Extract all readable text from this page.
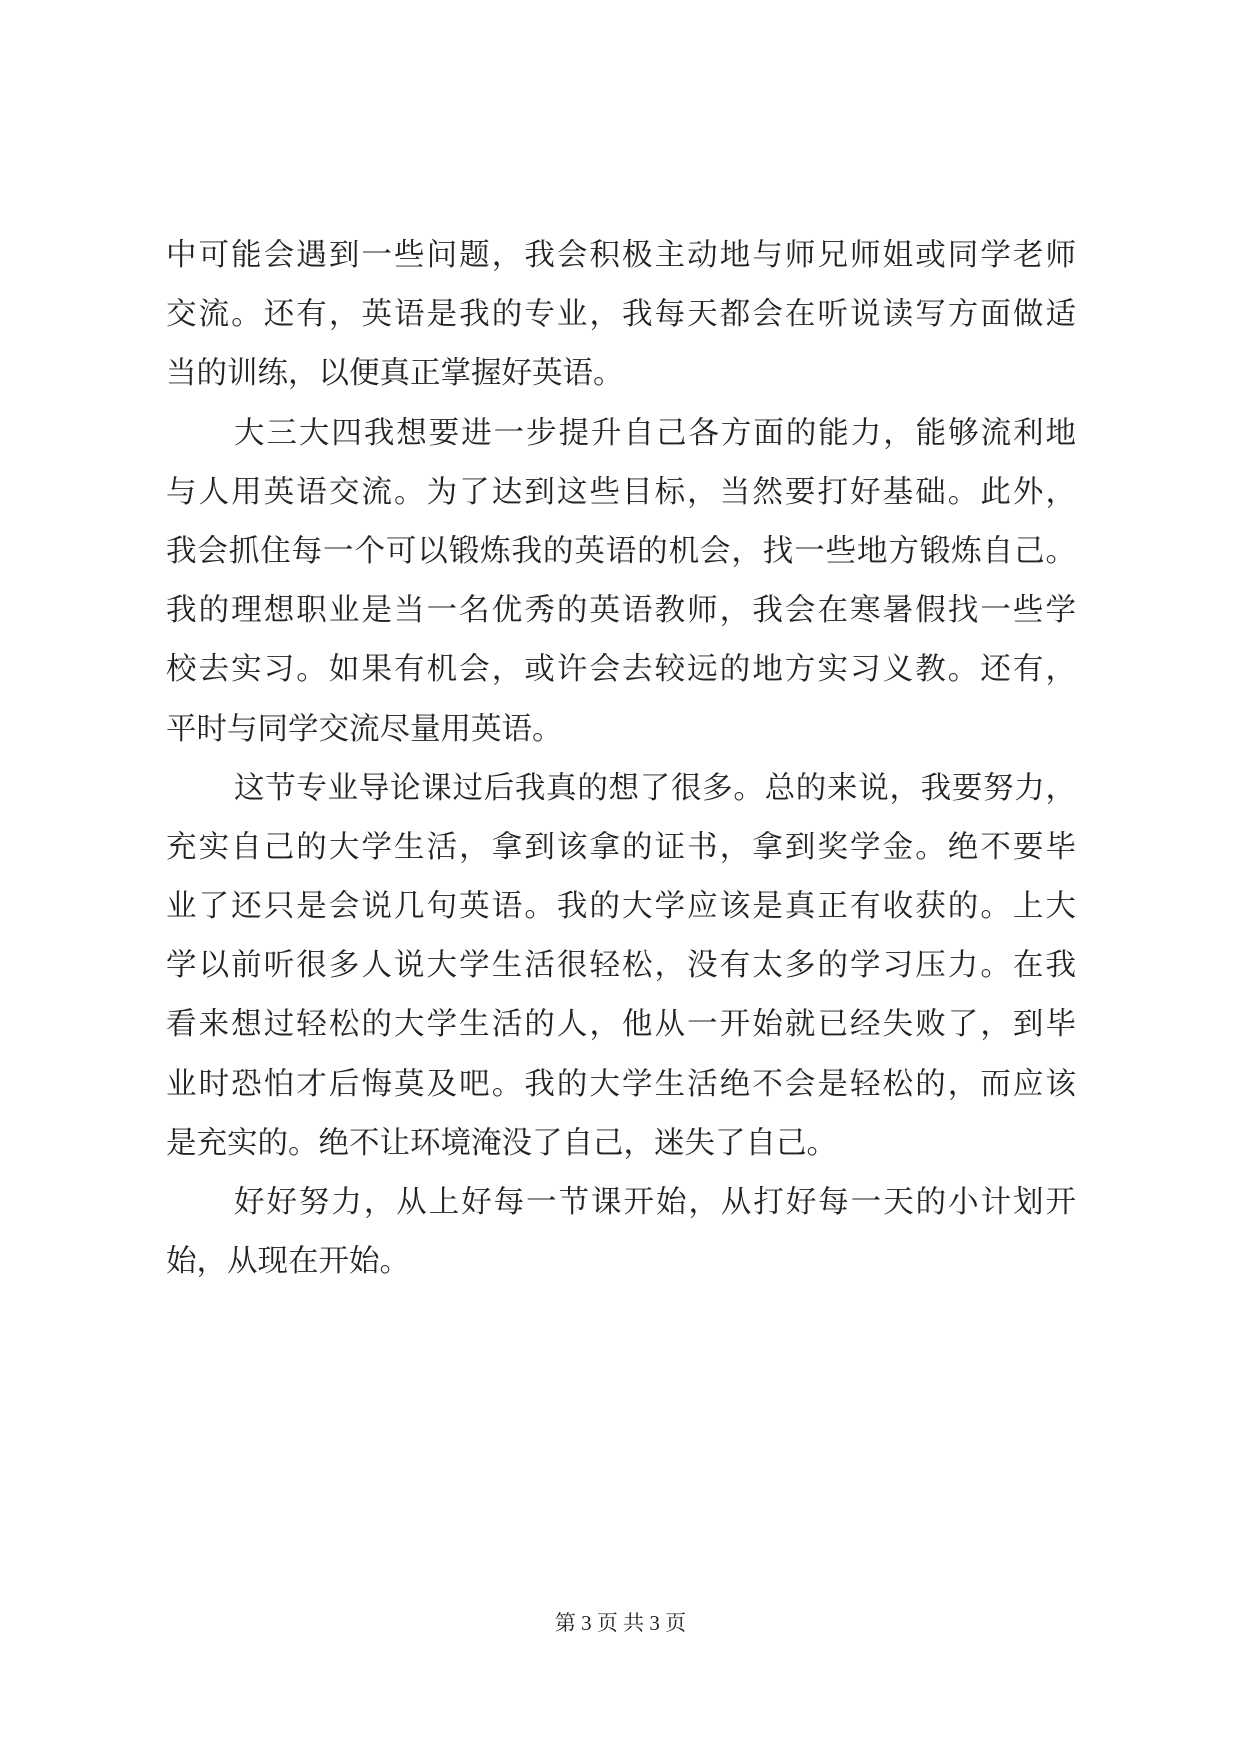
中可能会遇到一些问题，我会积极主动地与师兄师姐或同学老师
交流。还有，英语是我的专业，我每天都会在听说读写方面做适
当的训练，以便真正掌握好英语。
大三大四我想要进一步提升自己各方面的能力，能够流利地
与人用英语交流。为了达到这些目标，当然要打好基础。此外，
我会抓住每一个可以锻炼我的英语的机会，找一些地方锻炼自己。
我的理想职业是当一名优秀的英语教师，我会在寒暑假找一些学
校去实习。如果有机会，或许会去较远的地方实习义教。还有，
平时与同学交流尽量用英语。
这节专业导论课过后我真的想了很多。总的来说，我要努力，
充实自己的大学生活，拿到该拿的证书，拿到奖学金。绝不要毕
业了还只是会说几句英语。我的大学应该是真正有收获的。上大
学以前听很多人说大学生活很轻松，没有太多的学习压力。在我
看来想过轻松的大学生活的人，他从一开始就已经失败了，到毕
业时恐怕才后悔莫及吧。我的大学生活绝不会是轻松的，而应该
是充实的。绝不让环境淹没了自己，迷失了自己。
好好努力，从上好每一节课开始，从打好每一天的小计划开
始，从现在开始。
第 3 页 共 3 页
